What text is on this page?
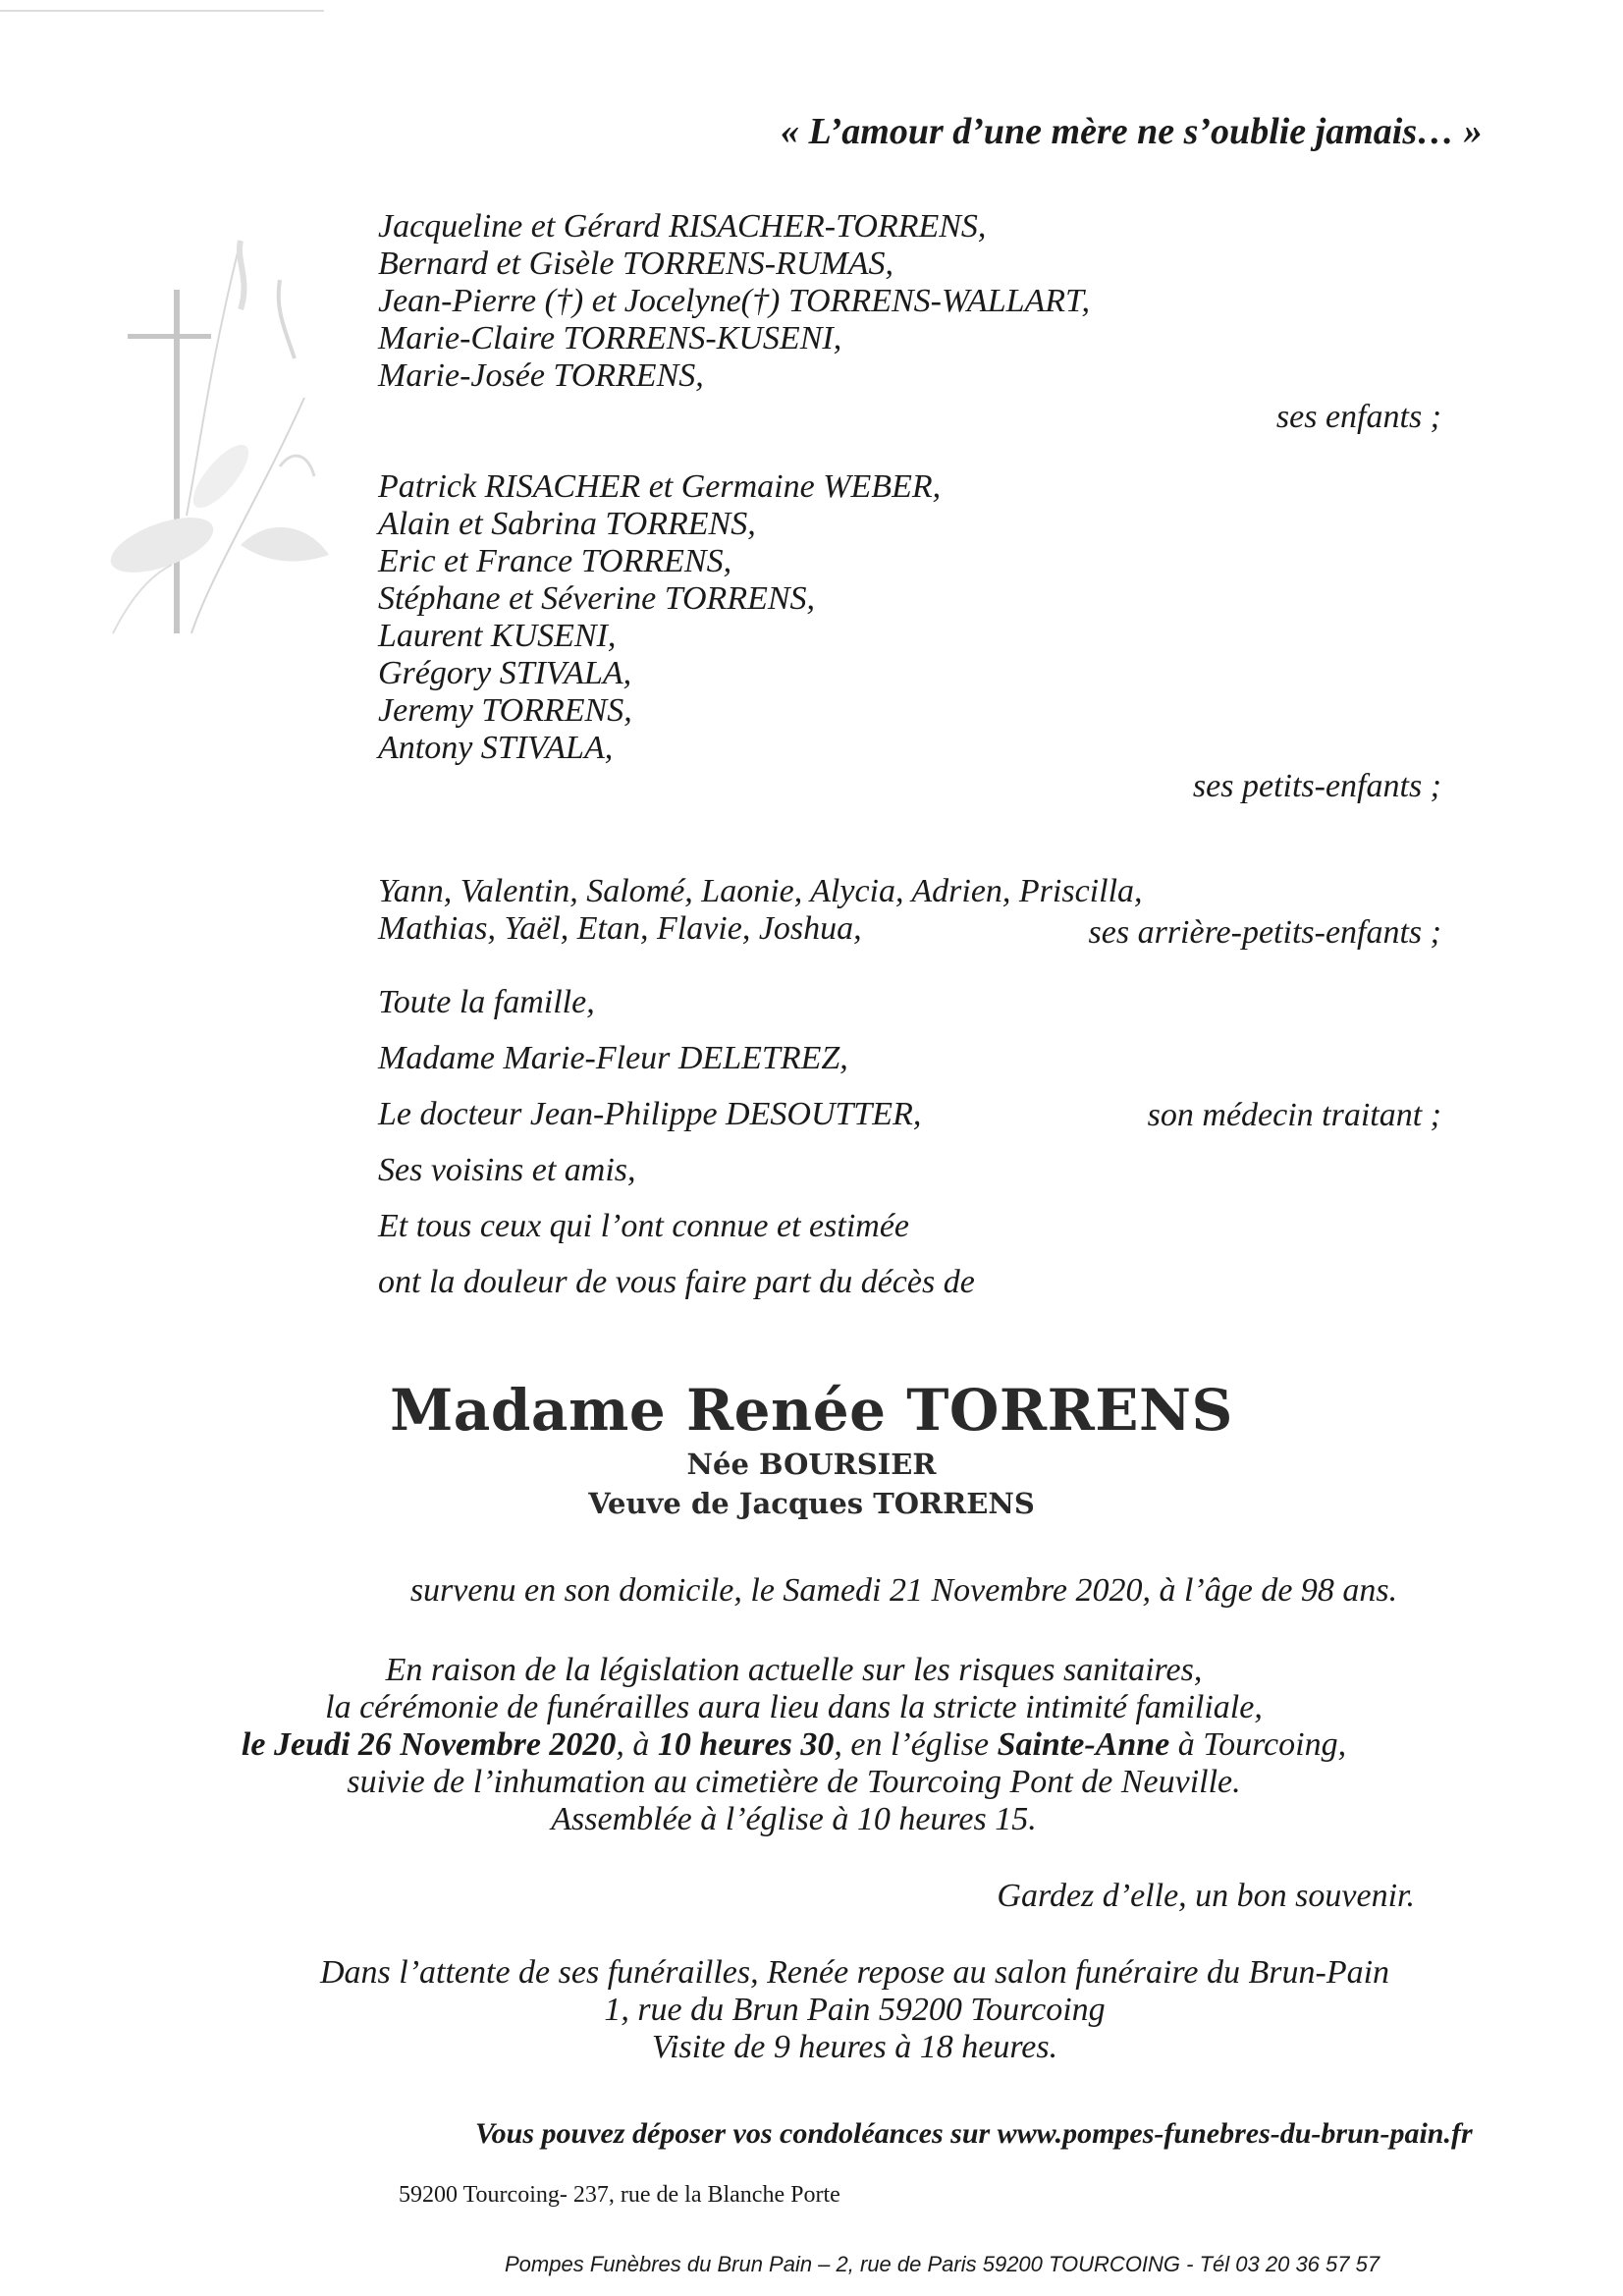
« L’amour d’une mère ne s’oublie jamais… »
Jacqueline et Gérard RISACHER-TORRENS,
Bernard et Gisèle TORRENS-RUMAS,
Jean-Pierre (†) et Jocelyne(†) TORRENS-WALLART,
Marie-Claire TORRENS-KUSENI,
Marie-Josée TORRENS,
ses enfants ;
Patrick RISACHER et Germaine WEBER,
Alain et Sabrina TORRENS,
Eric et France TORRENS,
Stéphane et Séverine TORRENS,
Laurent KUSENI,
Grégory STIVALA,
Jeremy TORRENS,
Antony STIVALA,
ses petits-enfants ;
Yann, Valentin, Salomé, Laonie, Alycia, Adrien, Priscilla,
Mathias, Yaël, Etan, Flavie, Joshua,	ses arrière-petits-enfants ;
Toute la famille,
Madame Marie-Fleur DELETREZ,
Le docteur Jean-Philippe DESOUTTER,	son médecin traitant ;
Ses voisins et amis,
Et tous ceux qui l’ont connue et estimée
ont la douleur de vous faire part du décès de
Madame Renée TORRENS
Née BOURSIER
Veuve de Jacques TORRENS
survenu en son domicile, le Samedi 21 Novembre 2020, à l’âge de 98 ans.
En raison de la législation actuelle sur les risques sanitaires,
la cérémonie de funérailles aura lieu dans la stricte intimité familiale,
le Jeudi 26 Novembre 2020, à 10 heures 30, en l’église Sainte-Anne à Tourcoing,
suivie de l’inhumation au cimetière de Tourcoing Pont de Neuville.
Assemblée à l’église à 10 heures 15.
Gardez d’elle, un bon souvenir.
Dans l’attente de ses funérailles, Renée repose au salon funéraire du Brun-Pain
1, rue du Brun Pain 59200 Tourcoing
Visite de 9 heures à 18 heures.
Vous pouvez déposer vos condoléances sur www.pompes-funebres-du-brun-pain.fr
59200 Tourcoing- 237, rue de la Blanche Porte
Pompes Funèbres du Brun Pain – 2, rue de Paris 59200 TOURCOING - Tél 03 20 36 57 57
